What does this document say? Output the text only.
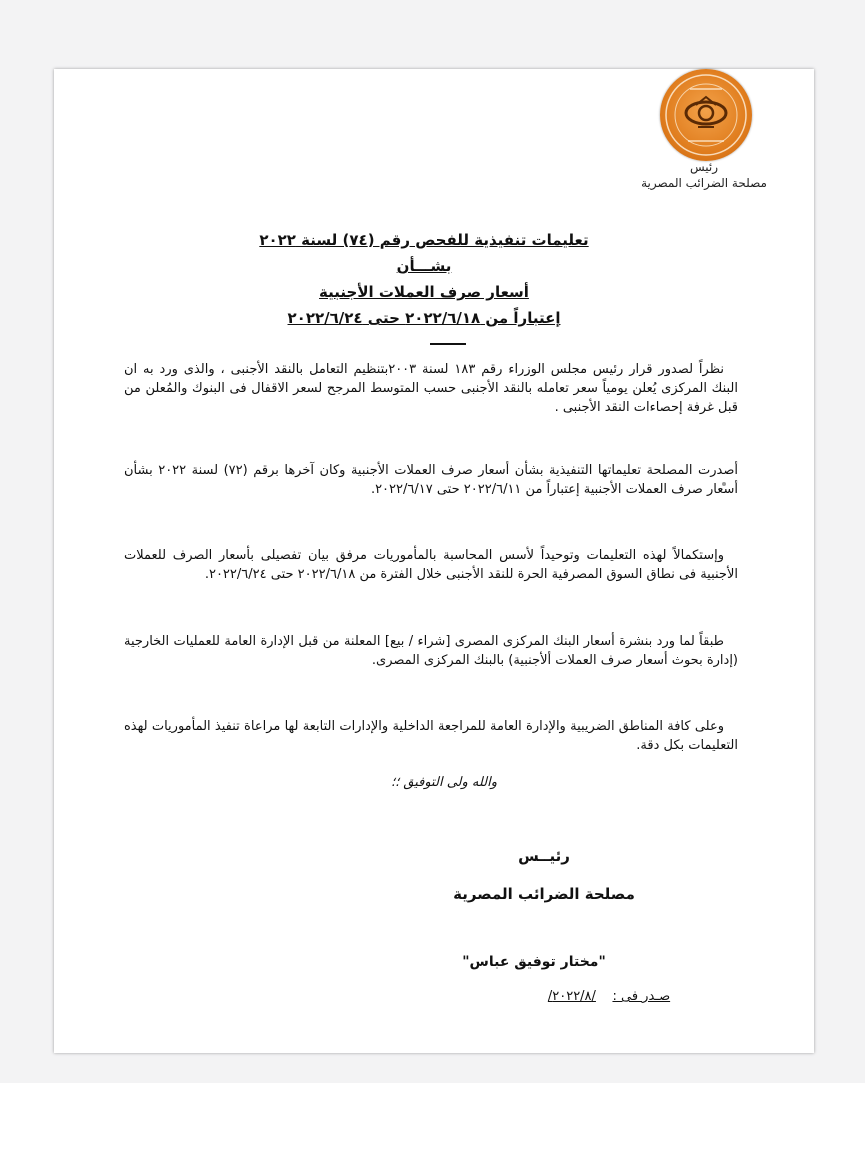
رئيس
مصلحة الضرائب المصرية
تعليمات تنفيذية للفحص رقم (٧٤) لسنة ٢٠٢٢
بشـــأن
أسعار صرف العملات الأجنبية
إعتباراً من ٢٠٢٢/٦/١٨ حتى ٢٠٢٢/٦/٢٤
نظراً لصدور قرار رئيس مجلس الوزراء رقم ١٨٣ لسنة ٢٠٠٣بتنظيم التعامل بالنقد الأجنبى ، والذى ورد به ان البنك المركزى يُعلن يومياً سعر تعامله بالنقد الأجنبى حسب المتوسط المرجح لسعر الاقفال فى البنوك والمُعلن من قبل غرفة إحصاءات النقد الأجنبى .
أصدرت المصلحة تعليماتها التنفيذية بشأن أسعار صرف العملات الأجنبية وكان آخرها برقم (٧٢) لسنة ٢٠٢٢ بشأن أسعار صرف العملات الأجنبية إعتباراً من ٢٠٢٢/٦/١١ حتى ٢٠٢٢/٦/١٧.
وإستكمالاً لهذه التعليمات وتوحيداً لأسس المحاسبة بالمأموريات مرفق بيان تفصيلى بأسعار الصرف للعملات الأجنبية فى نطاق السوق المصرفية الحرة للنقد الأجنبى خلال الفترة من ٢٠٢٢/٦/١٨ حتى ٢٠٢٢/٦/٢٤.
طبقاً لما ورد بنشرة أسعار البنك المركزى المصرى [شراء / بيع] المعلنة من قبل الإدارة العامة للعمليات الخارجية (إدارة بحوث أسعار صرف العملات ألأجنبية) بالبنك المركزى المصرى.
وعلى كافة المناطق الضريبية والإدارة العامة للمراجعة الداخلية والإدارات التابعة لها مراعاة تنفيذ المأموريات لهذه التعليمات بكل دقة.
والله ولى التوفيق ؛؛
رئيــس
مصلحة الضرائب المصرية
"مختار توفيق عباس"
صـدر فى :    /٢٠٢٢/٨/
